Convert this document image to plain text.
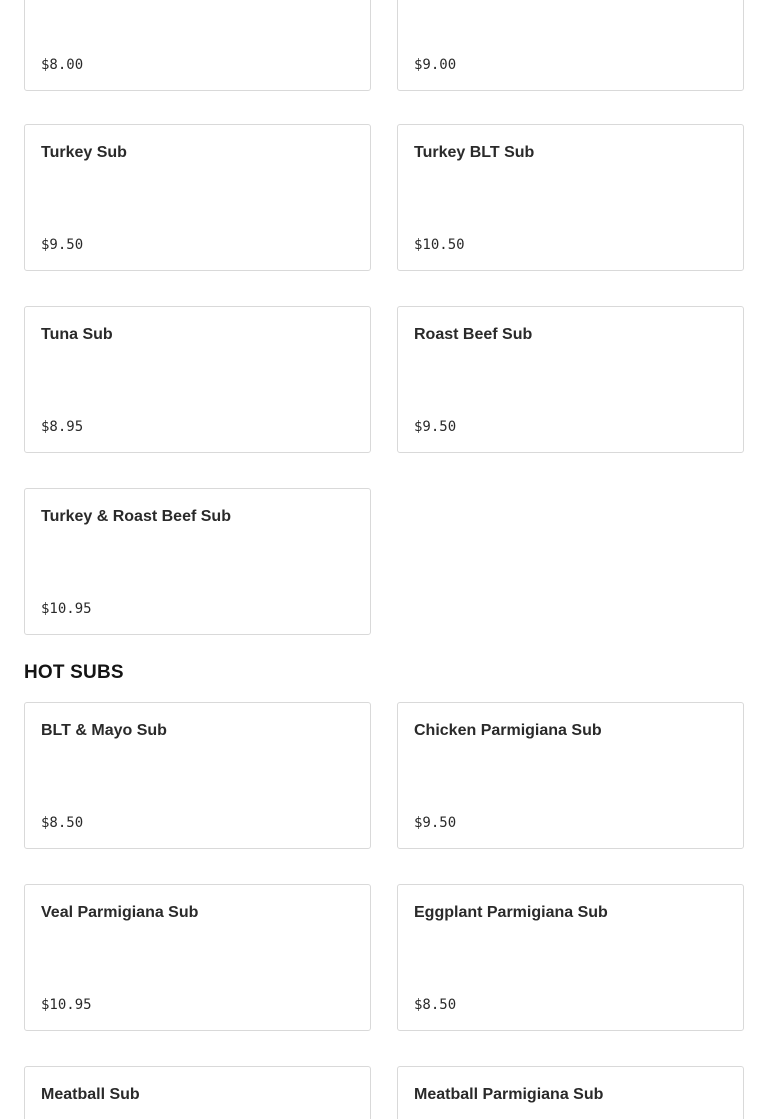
$8.00	$9.00
Turkey Sub
$9.50
Turkey BLT Sub
$10.50
Tuna Sub
$8.95
Roast Beef Sub
$9.50
Turkey & Roast Beef Sub
$10.95
HOT SUBS
BLT & Mayo Sub
$8.50
Chicken Parmigiana Sub
$9.50
Veal Parmigiana Sub
$10.95
Eggplant Parmigiana Sub
$8.50
Meatball Sub	Meatball Parmigiana Sub
